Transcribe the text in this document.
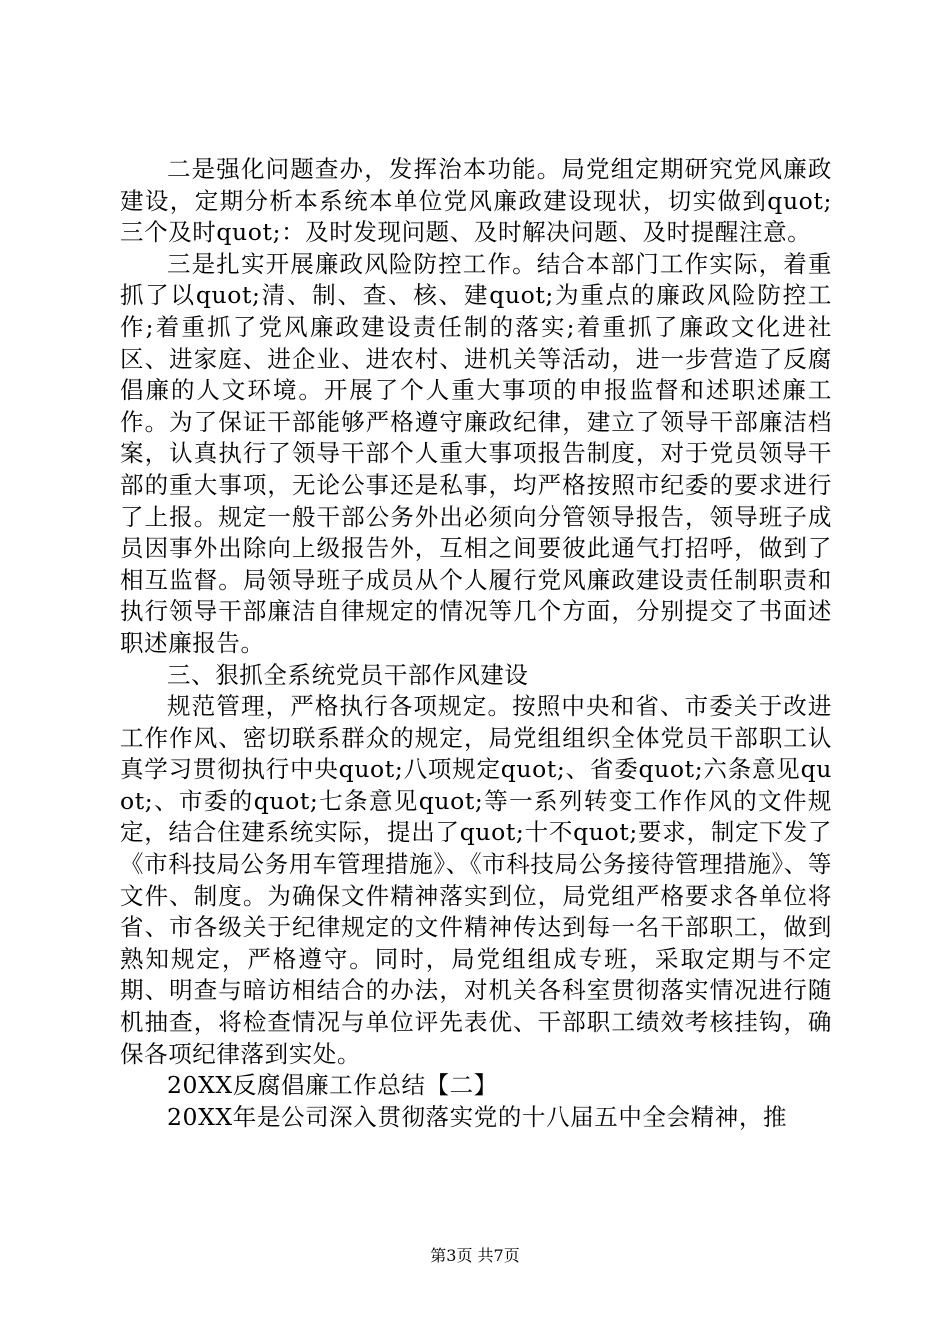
二是强化问题查办，发挥治本功能。局党组定期研究党风廉政建设，定期分析本系统本单位党风廉政建设现状，切实做到quot;三个及时quot;：及时发现问题、及时解决问题、及时提醒注意。

三是扎实开展廉政风险防控工作。结合本部门工作实际，着重抓了以quot;清、制、查、核、建quot;为重点的廉政风险防控工作;着重抓了党风廉政建设责任制的落实;着重抓了廉政文化进社区、进家庭、进企业、进农村、进机关等活动，进一步营造了反腐倡廉的人文环境。开展了个人重大事项的申报监督和述职述廉工作。为了保证干部能够严格遵守廉政纪律，建立了领导干部廉洁档案，认真执行了领导干部个人重大事项报告制度，对于党员领导干部的重大事项，无论公事还是私事，均严格按照市纪委的要求进行了上报。规定一般干部公务外出必须向分管领导报告，领导班子成员因事外出除向上级报告外，互相之间要彼此通气打招呼，做到了相互监督。局领导班子成员从个人履行党风廉政建设责任制职责和执行领导干部廉洁自律规定的情况等几个方面，分别提交了书面述职述廉报告。

三、狠抓全系统党员干部作风建设

规范管理，严格执行各项规定。按照中央和省、市委关于改进工作作风、密切联系群众的规定，局党组组织全体党员干部职工认真学习贯彻执行中央quot;八项规定quot;、省委quot;六条意见quot;、市委的quot;七条意见quot;等一系列转变工作作风的文件规定，结合住建系统实际，提出了quot;十不quot;要求，制定下发了《市科技局公务用车管理措施》、《市科技局公务接待管理措施》、等文件、制度。为确保文件精神落实到位，局党组严格要求各单位将省、市各级关于纪律规定的文件精神传达到每一名干部职工，做到熟知规定，严格遵守。同时，局党组组成专班，采取定期与不定期、明查与暗访相结合的办法，对机关各科室贯彻落实情况进行随机抽查，将检查情况与单位评先表优、干部职工绩效考核挂钩，确保各项纪律落到实处。

20XX反腐倡廉工作总结【二】

20XX年是公司深入贯彻落实党的十八届五中全会精神，推

第3页 共7页
